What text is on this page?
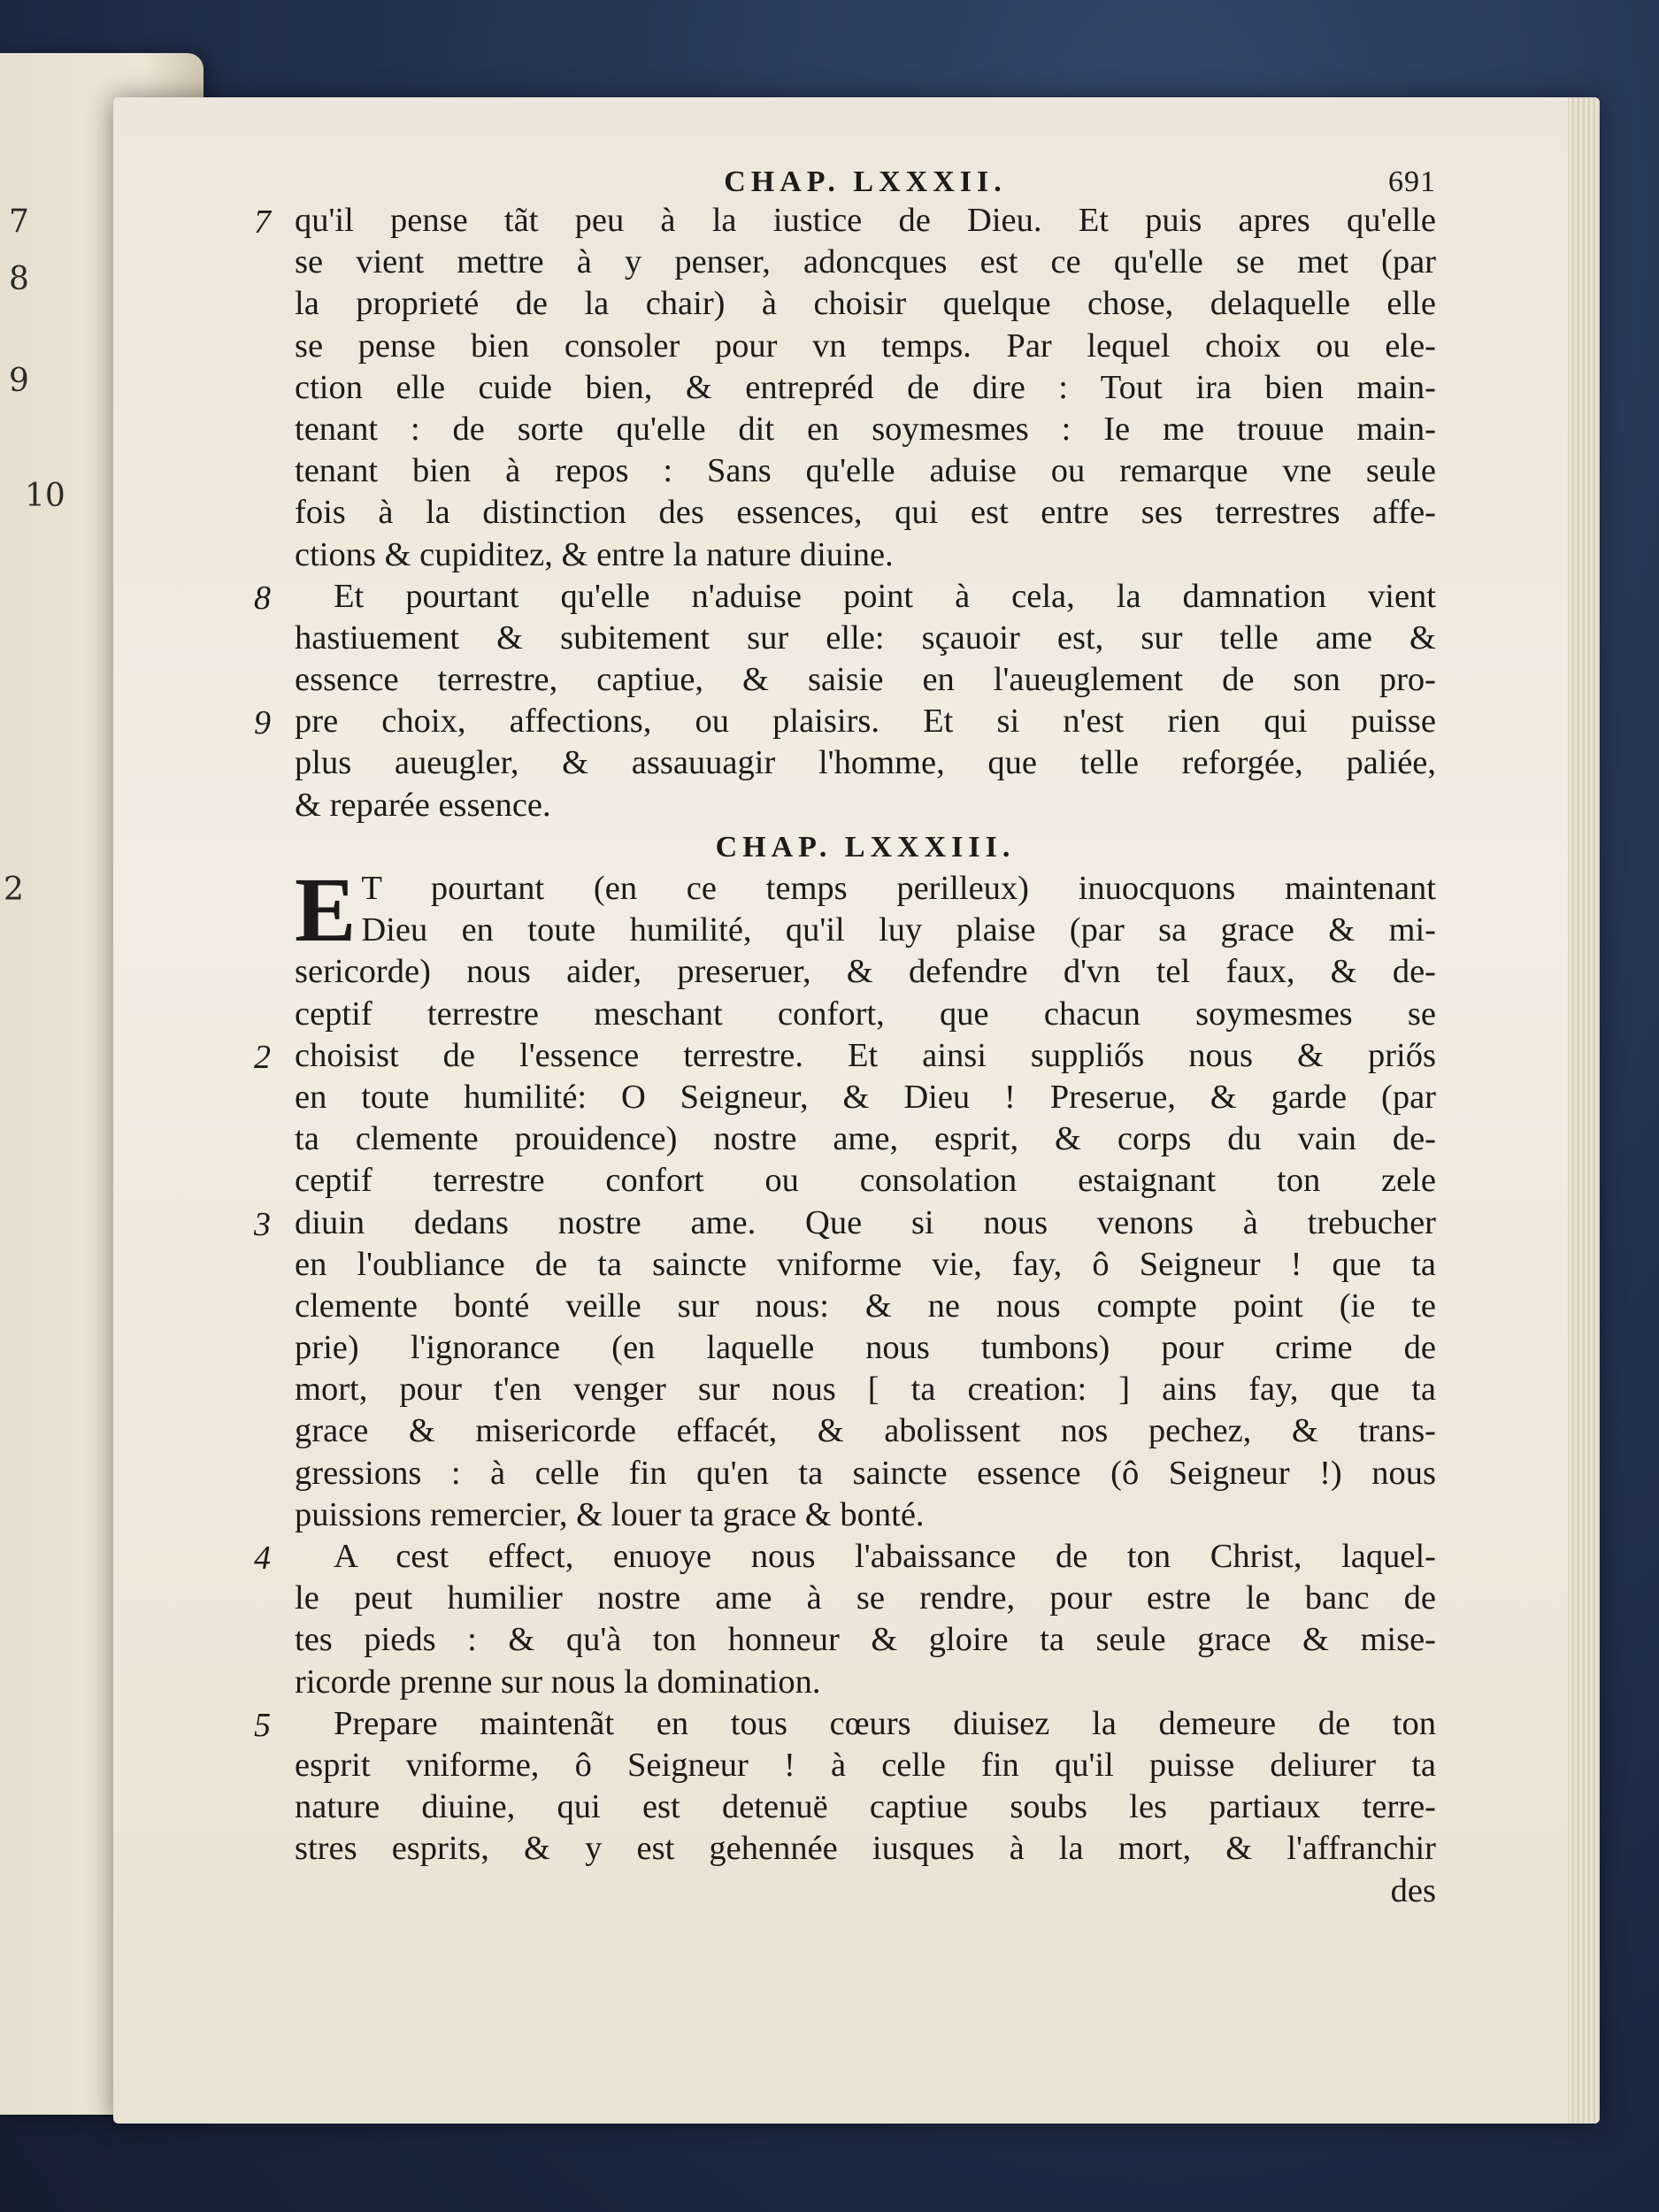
7
8
9
10
2
CHAP. LXXXII.	691
7 qu'il pense tãt peu à la iustice de Dieu. Et puis apres qu'elle
se vient mettre à y penser, adoncques est ce qu'elle se met (par
la proprieté de la chair) à choisir quelque chose, delaquelle elle
se pense bien consoler pour vn temps. Par lequel choix ou ele-
ction elle cuide bien, & entrepréd de dire : Tout ira bien main-
tenant : de sorte qu'elle dit en soymesmes : Ie me trouue main-
tenant bien à repos : Sans qu'elle aduise ou remarque vne seule
fois à la distinction des essences, qui est entre ses terrestres affe-
ctions & cupiditez, & entre la nature diuine.
8 Et pourtant qu'elle n'aduise point à cela, la damnation vient
hastiuement & subitement sur elle: sçauoir est, sur telle ame &
essence terrestre, captiue, & saisie en l'aueuglement de son pro-
9 pre choix, affections, ou plaisirs. Et si n'est rien qui puisse
plus aueugler, & assauuagir l'homme, que telle reforgée, paliée,
& reparée essence.
CHAP. LXXXIII.
E T pourtant (en ce temps perilleux) inuocquons maintenant
Dieu en toute humilité, qu'il luy plaise (par sa grace & mi-
sericorde) nous aider, preseruer, & defendre d'vn tel faux, & de-
ceptif terrestre meschant confort, que chacun soymesmes se
2 choisist de l'essence terrestre. Et ainsi suppliős nous & priős
en toute humilité: O Seigneur, & Dieu ! Preserue, & garde (par
ta clemente prouidence) nostre ame, esprit, & corps du vain de-
ceptif terrestre confort ou consolation estaignant ton zele
3 diuin dedans nostre ame. Que si nous venons à trebucher
en l'oubliance de ta saincte vniforme vie, fay, ô Seigneur ! que ta
clemente bonté veille sur nous: & ne nous compte point (ie te
prie) l'ignorance (en laquelle nous tumbons) pour crime de
mort, pour t'en venger sur nous [ ta creation: ] ains fay, que ta
grace & misericorde effacét, & abolissent nos pechez, & trans-
gressions : à celle fin qu'en ta saincte essence (ô Seigneur !) nous
puissions remercier, & louer ta grace & bonté.
4 A cest effect, enuoye nous l'abaissance de ton Christ, laquel-
le peut humilier nostre ame à se rendre, pour estre le banc de
tes pieds : & qu'à ton honneur & gloire ta seule grace & mise-
ricorde prenne sur nous la domination.
5 Prepare maintenãt en tous cœurs diuisez la demeure de ton
esprit vniforme, ô Seigneur ! à celle fin qu'il puisse deliurer ta
nature diuine, qui est detenuë captiue soubs les partiaux terre-
stres esprits, & y est gehennée iusques à la mort, & l'affranchir
des
